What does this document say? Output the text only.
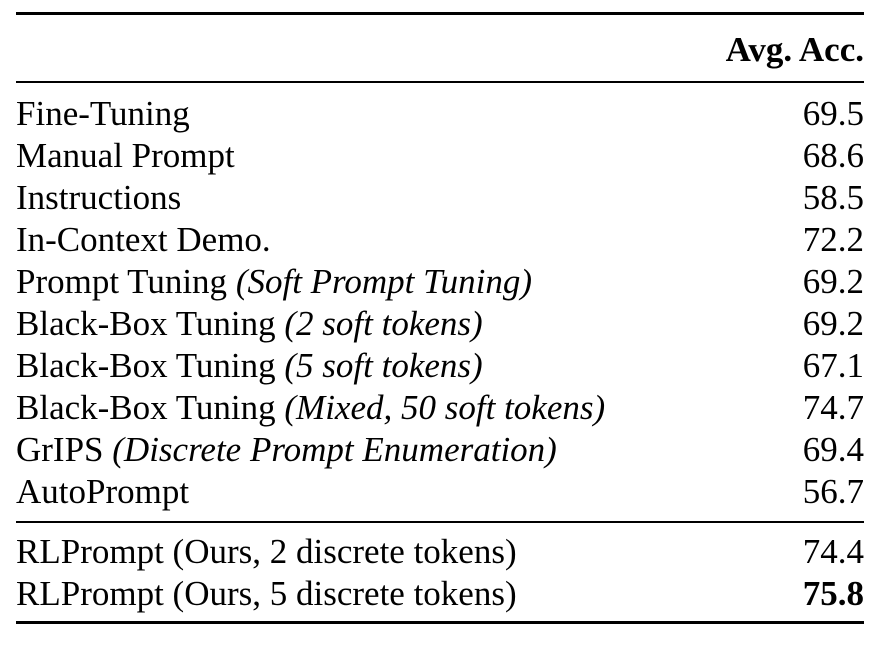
	Avg. Acc.

Fine-Tuning	69.5
Manual Prompt	68.6
Instructions	58.5
In-Context Demo.	72.2
Prompt Tuning (Soft Prompt Tuning)	69.2
Black-Box Tuning (2 soft tokens)	69.2
Black-Box Tuning (5 soft tokens)	67.1
Black-Box Tuning (Mixed, 50 soft tokens)	74.7
GrIPS (Discrete Prompt Enumeration)	69.4
AutoPrompt	56.7

RLPrompt (Ours, 2 discrete tokens)	74.4
RLPrompt (Ours, 5 discrete tokens)	75.8
